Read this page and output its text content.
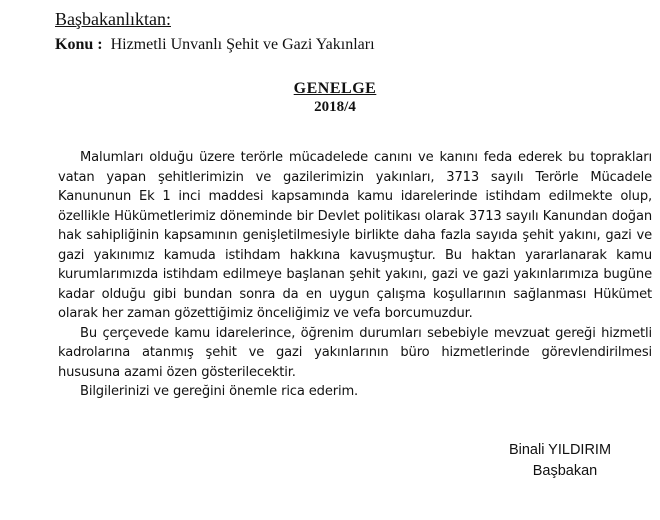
Başbakanlıktan:
Konu : Hizmetli Unvanlı Şehit ve Gazi Yakınları
GENELGE
2018/4

Malumları olduğu üzere terörle mücadelede canını ve kanını feda ederek bu toprakları vatan yapan şehitlerimizin ve gazilerimizin yakınları, 3713 sayılı Terörle Mücadele Kanununun Ek 1 inci maddesi kapsamında kamu idarelerinde istihdam edilmekte olup, özellikle Hükümetlerimiz döneminde bir Devlet politikası olarak 3713 sayılı Kanundan doğan hak sahipliğinin kapsamının genişletilmesiyle birlikte daha fazla sayıda şehit yakını, gazi ve gazi yakınımız kamuda istihdam hakkına kavuşmuştur. Bu haktan yararlanarak kamu kurumlarımızda istihdam edilmeye başlanan şehit yakını, gazi ve gazi yakınlarımıza bugüne kadar olduğu gibi bundan sonra da en uygun çalışma koşullarının sağlanması Hükümet olarak her zaman gözettiğimiz önceliğimiz ve vefa borcumuzdur.

Bu çerçevede kamu idarelerince, öğrenim durumları sebebiyle mevzuat gereği hizmetli kadrolarına atanmış şehit ve gazi yakınlarının büro hizmetlerinde görevlendirilmesi hususuna azami özen gösterilecektir.

Bilgilerinizi ve gereğini önemle rica ederim.

Binali YILDIRIM
Başbakan
